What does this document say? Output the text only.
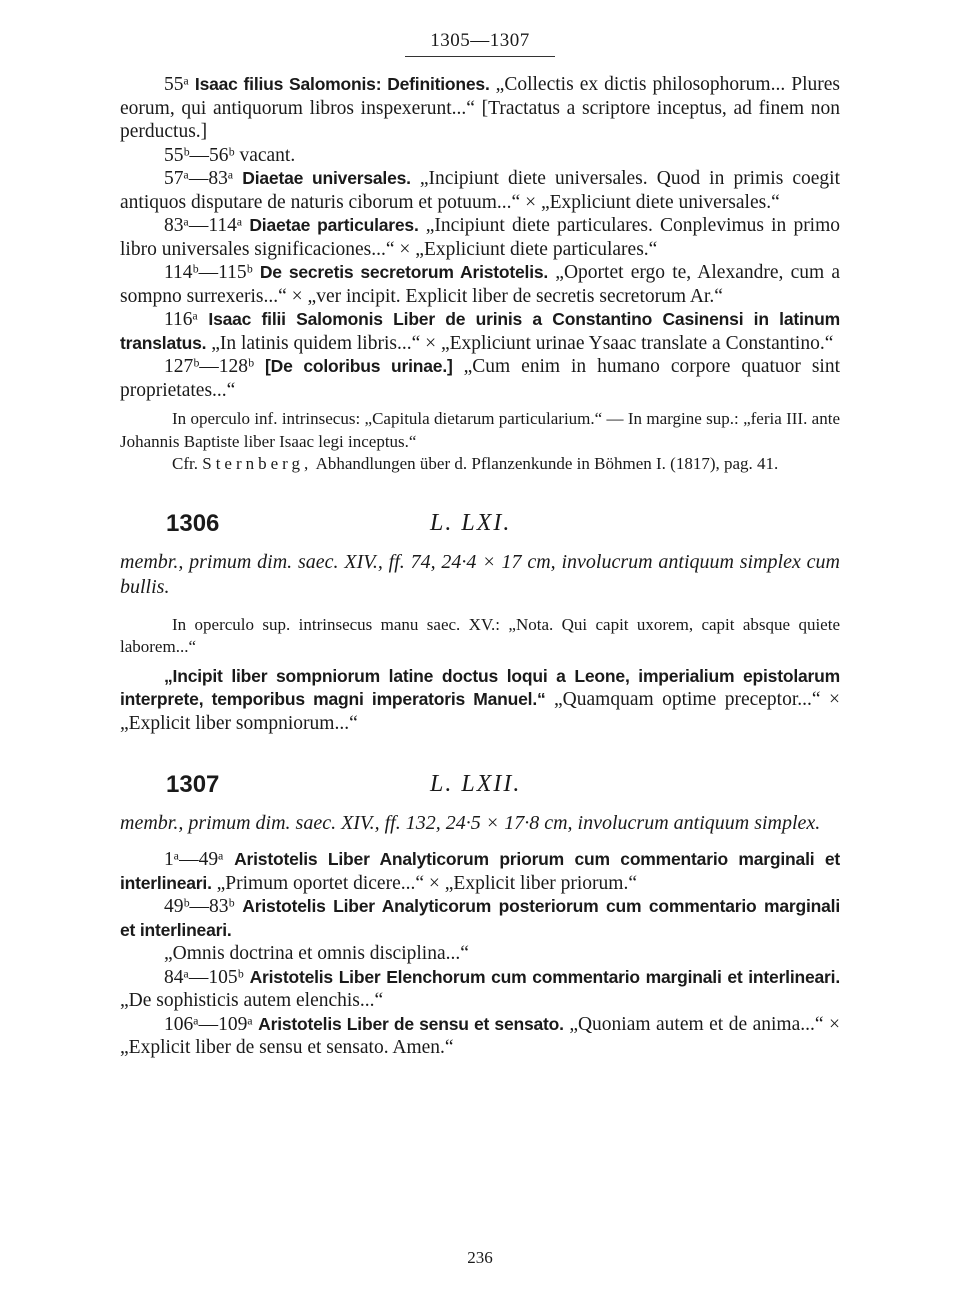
1305—1307

55ᵃ Isaac filius Salomonis: Definitiones. „Collectis ex dictis philosophorum... Plures eorum, qui antiquorum libros inspexerunt...“ [Tractatus a scriptore inceptus, ad finem non perductus.]

55ᵇ—56ᵇ vacant.

57ᵃ—83ᵃ Diaetae universales. „Incipiunt diete universales. Quod in primis coegit antiquos disputare de naturis ciborum et potuum...“ × „Expliciunt diete universales.“

83ᵃ—114ᵃ Diaetae particulares. „Incipiunt diete particulares. Conplevimus in primo libro universales significaciones...“ × „Expliciunt diete particulares.“

114ᵇ—115ᵇ De secretis secretorum Aristotelis. „Oportet ergo te, Alexandre, cum a sompno surrexeris...“ × „ver incipit. Explicit liber de secretis secretorum Ar.“

116ᵃ Isaac filii Salomonis Liber de urinis a Constantino Casinensi in latinum translatus. „In latinis quidem libris...“ × „Expliciunt urinae Ysaac translate a Constantino.“

127ᵇ—128ᵇ [De coloribus urinae.] „Cum enim in humano corpore quatuor sint proprietates...“

In operculo inf. intrinsecus: „Capitula dietarum particularium.“ — In margine sup.: „feria III. ante Johannis Baptiste liber Isaac legi inceptus.“

Cfr. Sternberg, Abhandlungen über d. Pflanzenkunde in Böhmen I. (1817), pag. 41.

1306	L. LXI.

membr., primum dim. saec. XIV., ff. 74, 24·4 × 17 cm, involucrum antiquum simplex cum bullis.

In operculo sup. intrinsecus manu saec. XV.: „Nota. Qui capit uxorem, capit absque quiete laborem...“

„Incipit liber sompniorum latine doctus loqui a Leone, imperialium epistolarum interprete, temporibus magni imperatoris Manuel.“ „Quamquam optime preceptor...“ × „Explicit liber sompniorum...“

1307	L. LXII.

membr., primum dim. saec. XIV., ff. 132, 24·5 × 17·8 cm, involucrum antiquum simplex.

1ᵃ—49ᵃ Aristotelis Liber Analyticorum priorum cum commentario marginali et interlineari. „Primum oportet dicere...“ × „Explicit liber priorum.“

49ᵇ—83ᵇ Aristotelis Liber Analyticorum posteriorum cum commentario marginali et interlineari.

„Omnis doctrina et omnis disciplina...“

84ᵃ—105ᵇ Aristotelis Liber Elenchorum cum commentario marginali et interlineari. „De sophisticis autem elenchis...“

106ᵃ—109ᵃ Aristotelis Liber de sensu et sensato. „Quoniam autem et de anima...“ × „Explicit liber de sensu et sensato. Amen.“

236
